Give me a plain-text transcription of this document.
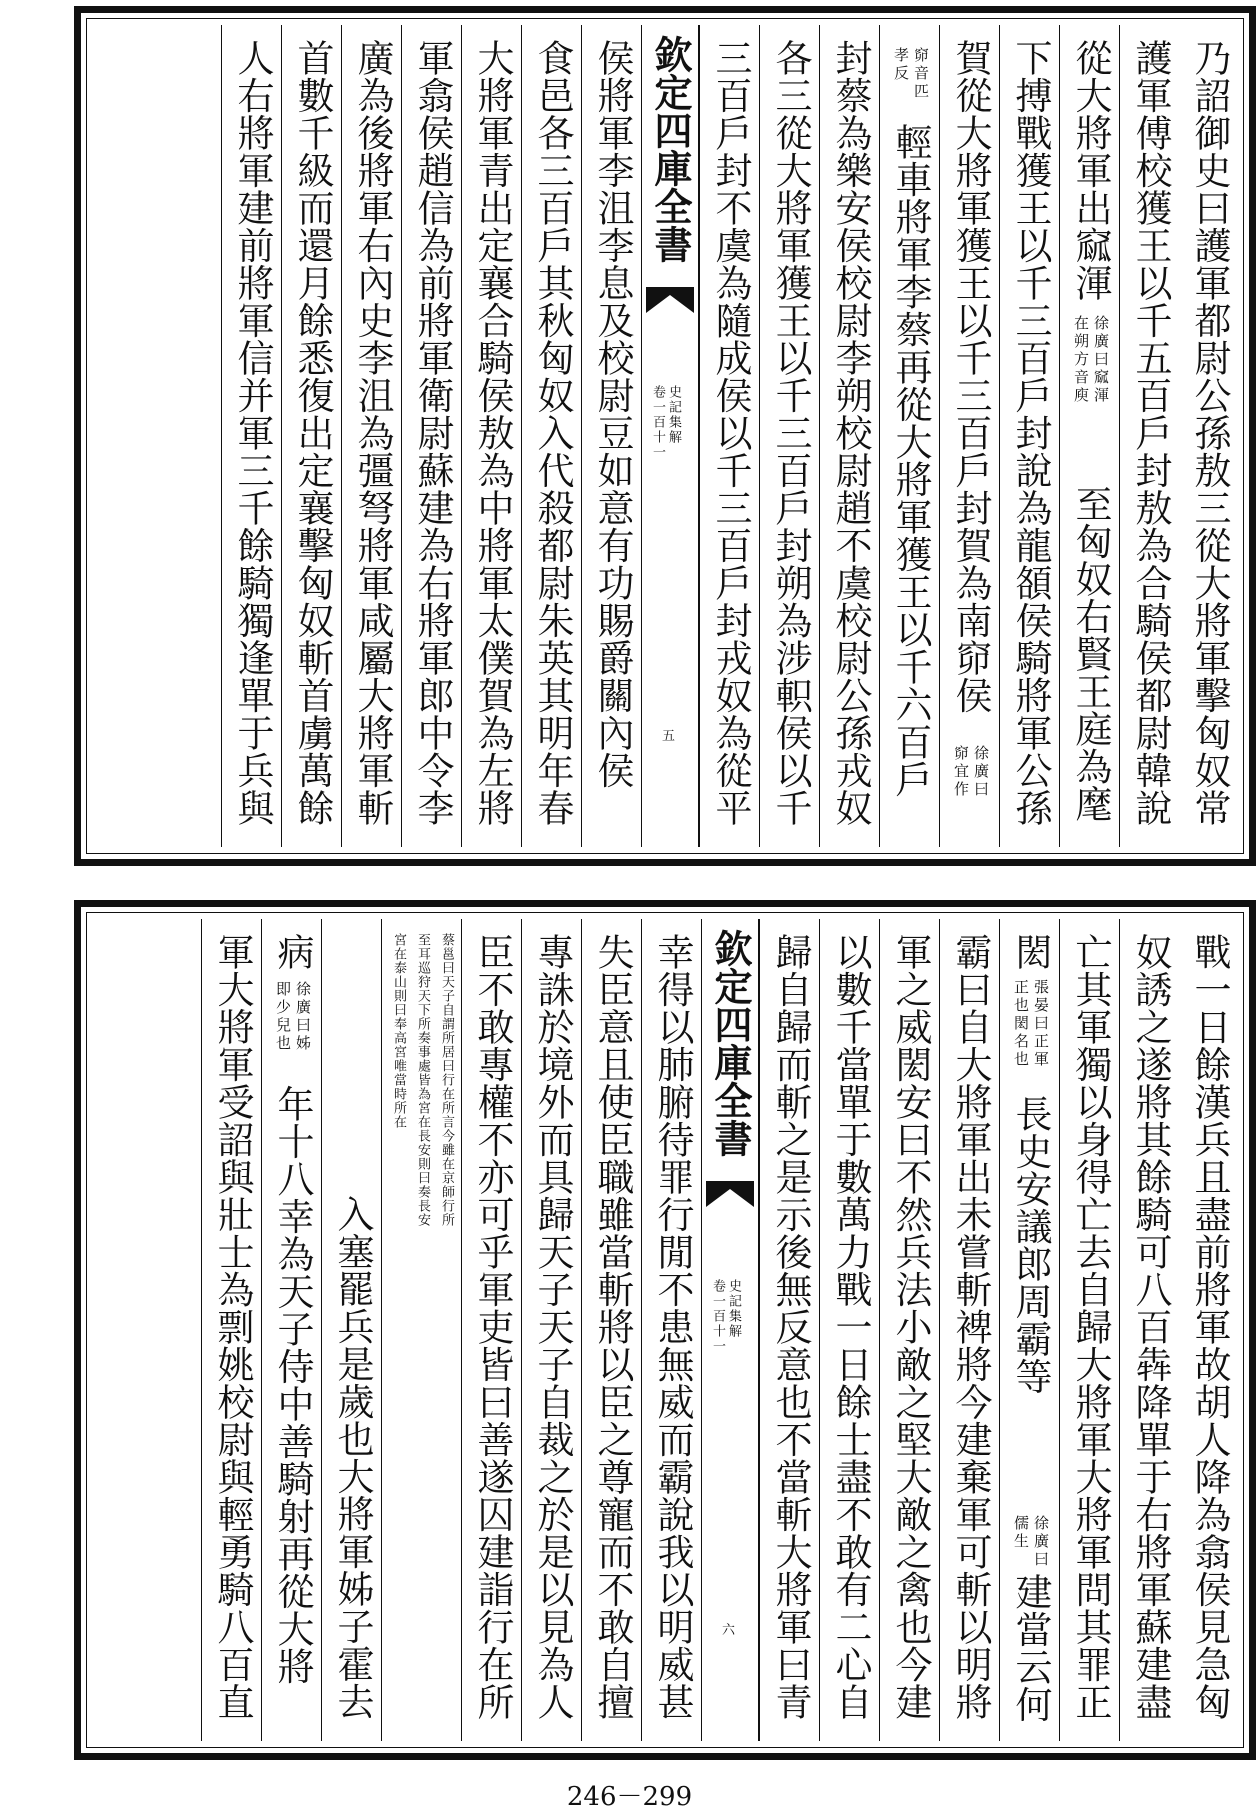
乃詔御史曰護軍都尉公孫敖三從大將軍擊匈奴常
護軍傅校獲王以千五百戶封敖為合騎侯都尉韓說
從大將軍出窳渾
徐廣曰窳渾
在朔方音庾
至匈奴右賢王庭為麾
下搏戰獲王以千三百戶封說為龍頟侯騎將軍公孫
賀從大將軍獲王以千三百戶封賀為南窌侯
徐廣曰
窌宜作
窌音匹
孝反
輕車將軍李蔡再從大將軍獲王以千六百戶
封蔡為樂安侯校尉李朔校尉趙不虞校尉公孫戎奴
各三從大將軍獲王以千三百戶封朔為涉軹侯以千
三百戶封不虞為隨成侯以千三百戶封戎奴為從平
欽定四庫全書
史記集解
卷一百十一
五
侯將軍李沮李息及校尉豆如意有功賜爵關內侯
食邑各三百戶其秋匈奴入代殺都尉朱英其明年春
大將軍青出定襄合騎侯敖為中將軍太僕賀為左將
軍翕侯趙信為前將軍衛尉蘇建為右將軍郎中令李
廣為後將軍右內史李沮為彊弩將軍咸屬大將軍斬
首數千級而還月餘悉復出定襄擊匈奴斬首虜萬餘
人右將軍建前將軍信并軍三千餘騎獨逢單于兵與
戰一日餘漢兵且盡前將軍故胡人降為翕侯見急匈
奴誘之遂將其餘騎可八百犇降單于右將軍蘇建盡
亡其軍獨以身得亡去自歸大將軍大將軍問其罪正
閎
張晏曰正軍
正也閎名也
長史安議郎周霸等
徐廣曰
儒生
建當云何
霸曰自大將軍出未嘗斬裨將今建棄軍可斬以明將
軍之威閎安曰不然兵法小敵之堅大敵之禽也今建
以數千當單于數萬力戰一日餘士盡不敢有二心自
歸自歸而斬之是示後無反意也不當斬大將軍曰青
欽定四庫全書
史記集解
卷一百十一
六
幸得以肺腑待罪行閒不患無威而霸說我以明威甚
失臣意且使臣職雖當斬將以臣之尊寵而不敢自擅
專誅於境外而具歸天子天子自裁之於是以見為人
臣不敢專權不亦可乎軍吏皆曰善遂囚建詣行在所
蔡邕曰天子自謂所居曰行在所言今雖在京師行所
至耳巡狩天下所奏事處皆為宮在長安則曰奏長安
宮在泰山則曰奉高宮唯當時所在
入塞罷兵是歲也大將軍姊子霍去
病
徐廣曰姊
即少兒也
年十八幸為天子侍中善騎射再從大將
軍大將軍受詔與壯士為剽姚校尉與輕勇騎八百直
246－299
